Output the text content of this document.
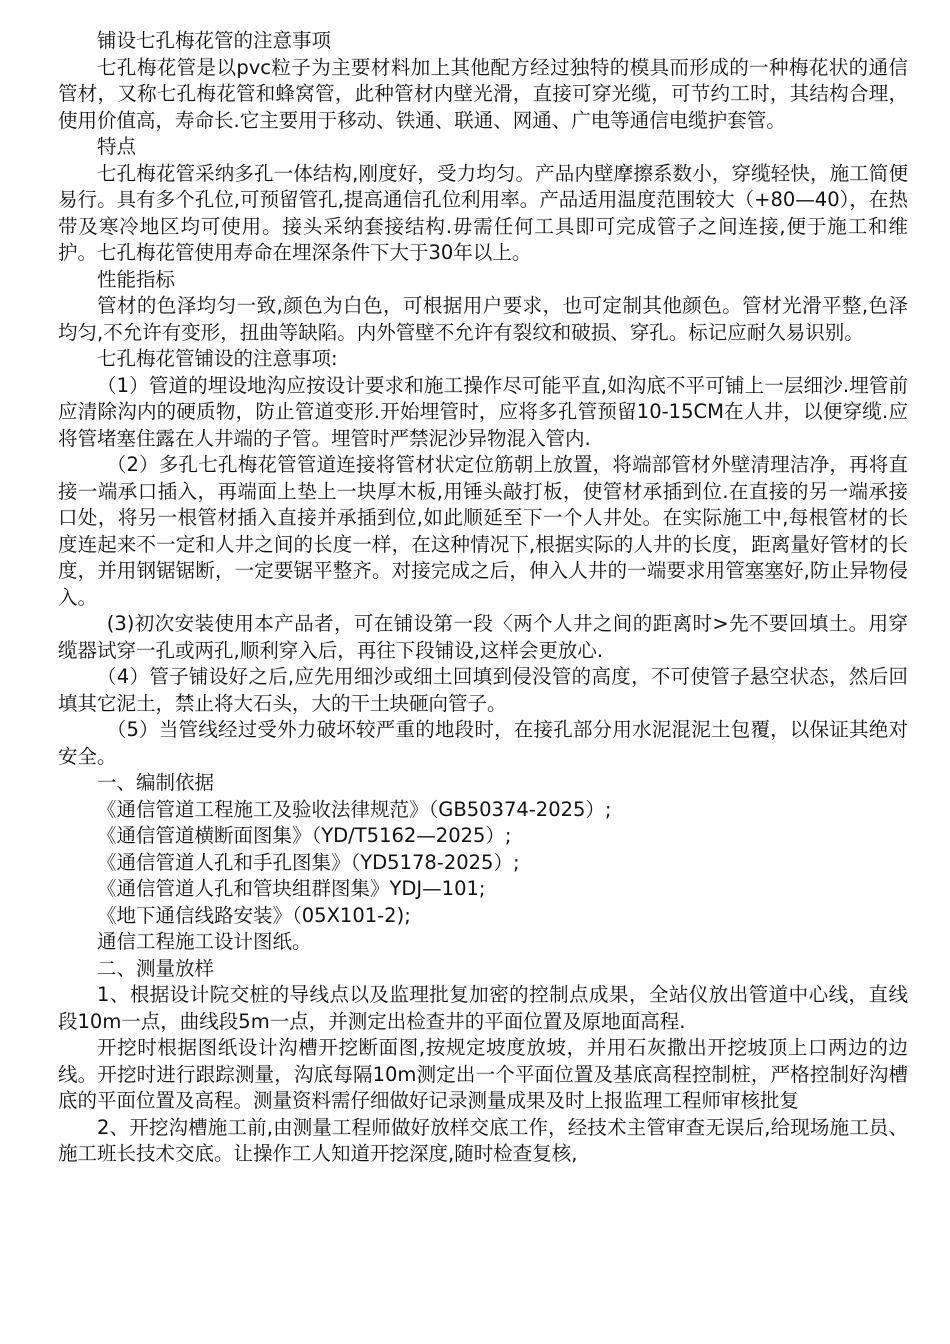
铺设七孔梅花管的注意事项

七孔梅花管是以pvc粒子为主要材料加上其他配方经过独特的模具而形成的一种梅花状的通信管材，又称七孔梅花管和蜂窝管，此种管材内壁光滑，直接可穿光缆，可节约工时，其结构合理，使用价值高，寿命长.它主要用于移动、铁通、联通、网通、广电等通信电缆护套管。

特点

七孔梅花管采纳多孔一体结构,刚度好，受力均匀。产品内壁摩擦系数小，穿缆轻快，施工简便易行。具有多个孔位,可预留管孔,提高通信孔位利用率。产品适用温度范围较大（+80—40），在热带及寒冷地区均可使用。接头采纳套接结构.毋需任何工具即可完成管子之间连接,便于施工和维护。七孔梅花管使用寿命在埋深条件下大于30年以上。

性能指标

管材的色泽均匀一致,颜色为白色，可根据用户要求，也可定制其他颜色。管材光滑平整,色泽均匀,不允许有变形，扭曲等缺陷。内外管壁不允许有裂纹和破损、穿孔。标记应耐久易识别。

七孔梅花管铺设的注意事项:

（1）管道的埋设地沟应按设计要求和施工操作尽可能平直,如沟底不平可铺上一层细沙.埋管前应清除沟内的硬质物，防止管道变形.开始埋管时，应将多孔管预留10-15CM在人井，以便穿缆.应将管堵塞住露在人井端的子管。埋管时严禁泥沙异物混入管内.

（2）多孔七孔梅花管管道连接将管材状定位筋朝上放置，将端部管材外壁清理洁净，再将直接一端承口插入，再端面上垫上一块厚木板,用锤头敲打板，使管材承插到位.在直接的另一端承接口处，将另一根管材插入直接并承插到位,如此顺延至下一个人井处。在实际施工中,每根管材的长度连起来不一定和人井之间的长度一样，在这种情况下,根据实际的人井的长度，距离量好管材的长度，并用钢锯锯断，一定要锯平整齐。对接完成之后，伸入人井的一端要求用管塞塞好,防止异物侵入。

(3)初次安装使用本产品者，可在铺设第一段〈两个人井之间的距离时>先不要回填土。用穿缆器试穿一孔或两孔,顺利穿入后，再往下段铺设,这样会更放心.

（4）管子铺设好之后,应先用细沙或细土回填到侵没管的高度，不可使管子悬空状态，然后回填其它泥土，禁止将大石头，大的干土块砸向管子。

（5）当管线经过受外力破坏较严重的地段时，在接孔部分用水泥混泥土包覆，以保证其绝对安全。

一、编制依据

《通信管道工程施工及验收法律规范》（GB50374-2025）;

《通信管道横断面图集》（YD/T5162—2025）;

《通信管道人孔和手孔图集》（YD5178-2025）;

《通信管道人孔和管块组群图集》YDJ—101;

《地下通信线路安装》（05X101-2);

通信工程施工设计图纸。

二、测量放样

1、根据设计院交桩的导线点以及监理批复加密的控制点成果，全站仪放出管道中心线，直线段10m一点，曲线段5m一点，并测定出检查井的平面位置及原地面高程.

开挖时根据图纸设计沟槽开挖断面图,按规定坡度放坡，并用石灰撒出开挖坡顶上口两边的边线。开挖时进行跟踪测量，沟底每隔10m测定出一个平面位置及基底高程控制桩，严格控制好沟槽底的平面位置及高程。测量资料需仔细做好记录测量成果及时上报监理工程师审核批复

2、开挖沟槽施工前,由测量工程师做好放样交底工作，经技术主管审查无误后,给现场施工员、施工班长技术交底。让操作工人知道开挖深度,随时检查复核,
